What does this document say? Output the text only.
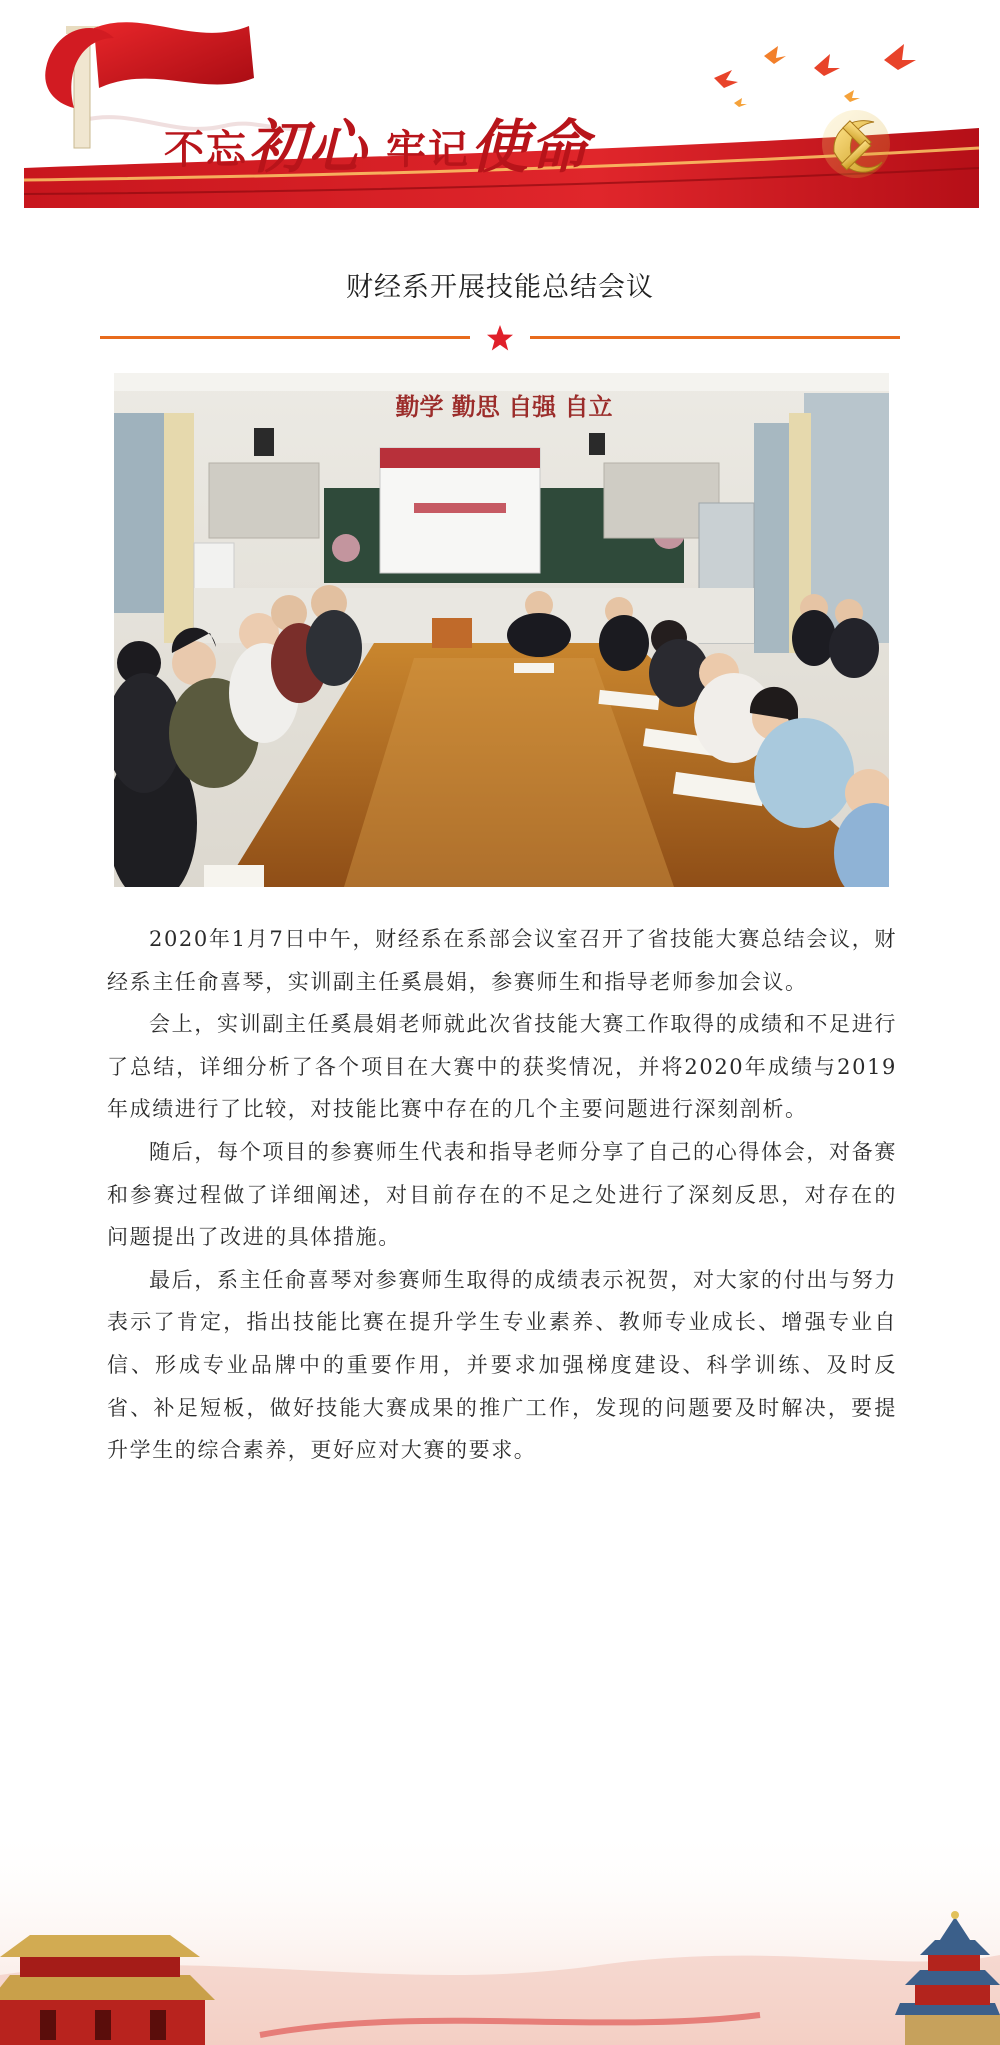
不忘初心 牢记使命
财经系开展技能总结会议
勤学 勤思 自强 自立

2020年1月7日中午，财经系在系部会议室召开了省技能大赛总结会议，财经系主任俞喜琴，实训副主任奚晨娟，参赛师生和指导老师参加会议。

会上，实训副主任奚晨娟老师就此次省技能大赛工作取得的成绩和不足进行了总结，详细分析了各个项目在大赛中的获奖情况，并将2020年成绩与2019年成绩进行了比较，对技能比赛中存在的几个主要问题进行深刻剖析。

随后，每个项目的参赛师生代表和指导老师分享了自己的心得体会，对备赛和参赛过程做了详细阐述，对目前存在的不足之处进行了深刻反思，对存在的问题提出了改进的具体措施。

最后，系主任俞喜琴对参赛师生取得的成绩表示祝贺，对大家的付出与努力表示了肯定，指出技能比赛在提升学生专业素养、教师专业成长、增强专业自信、形成专业品牌中的重要作用，并要求加强梯度建设、科学训练、及时反省、补足短板，做好技能大赛成果的推广工作，发现的问题要及时解决，要提升学生的综合素养，更好应对大赛的要求。
